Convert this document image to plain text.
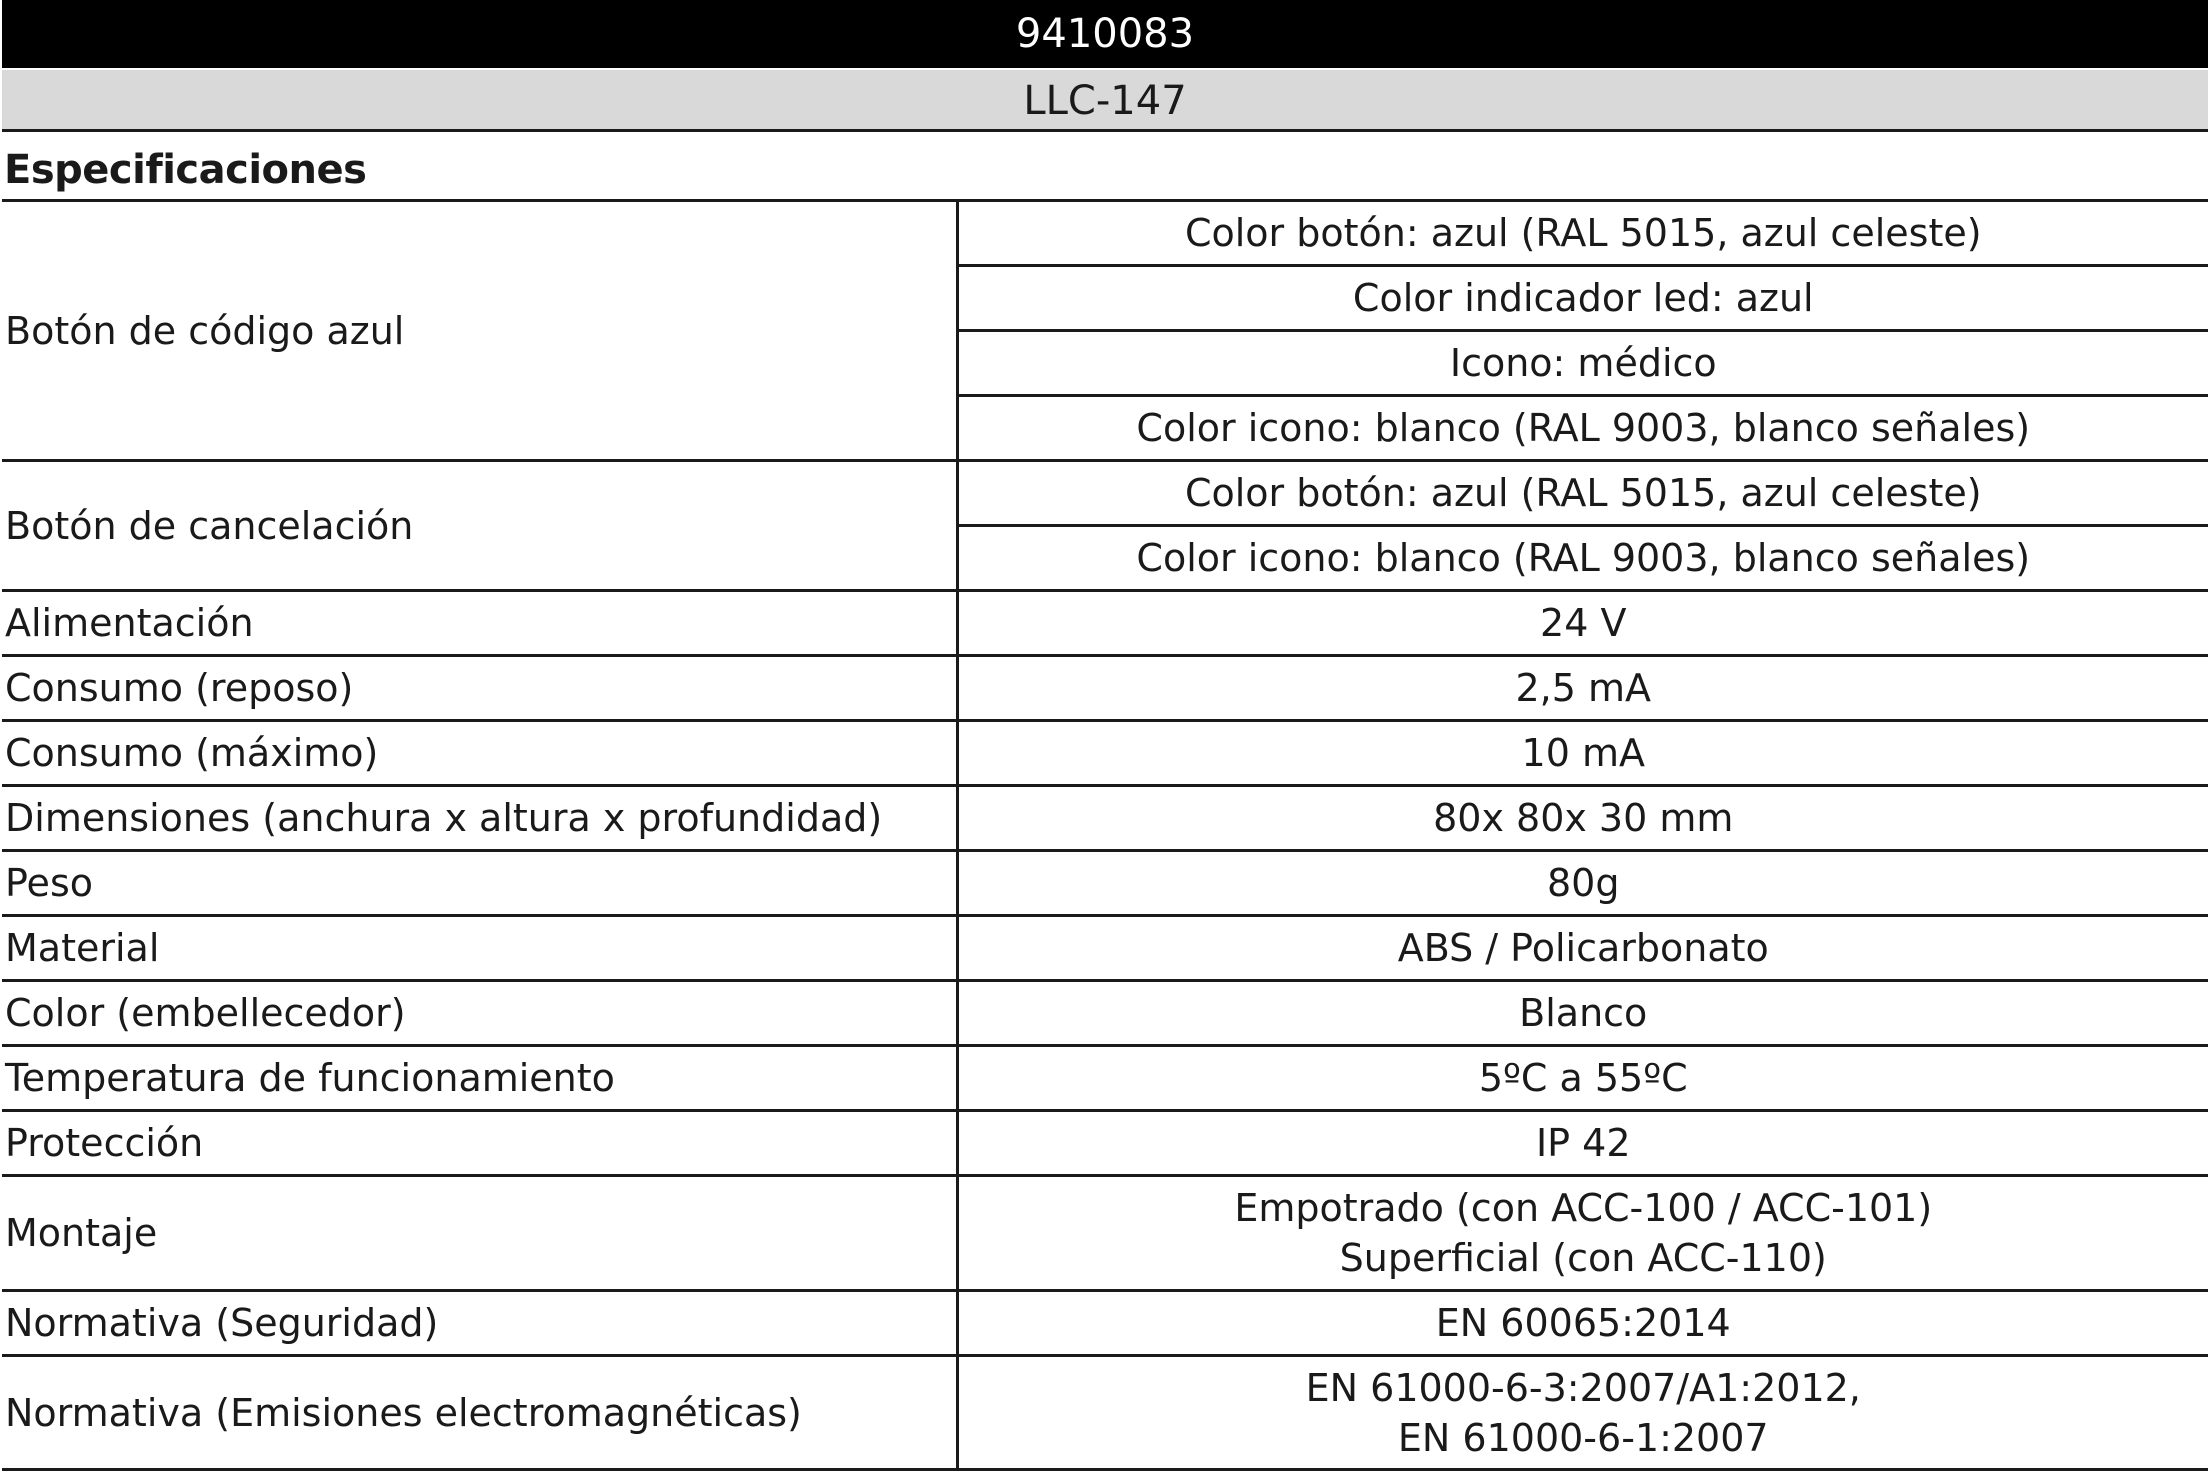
9410083
LLC-147
Especificaciones
Botón de código azul	Color botón: azul (RAL 5015, azul celeste)
	Color indicador led: azul
	Icono: médico
	Color icono: blanco (RAL 9003, blanco señales)
Botón de cancelación	Color botón: azul (RAL 5015, azul celeste)
	Color icono: blanco (RAL 9003, blanco señales)
Alimentación	24 V
Consumo (reposo)	2,5 mA
Consumo (máximo)	10 mA
Dimensiones (anchura x altura x profundidad)	80x 80x 30 mm
Peso	80g
Material	ABS / Policarbonato
Color (embellecedor)	Blanco
Temperatura de funcionamiento	5ºC a 55ºC
Protección	IP 42
Montaje	Empotrado (con ACC-100 / ACC-101)
Superficial (con ACC-110)

Normativa (Seguridad)	EN 60065:2014
Normativa (Emisiones electromagnéticas)	EN 61000-6-3:2007/A1:2012,
EN 61000-6-1:2007
